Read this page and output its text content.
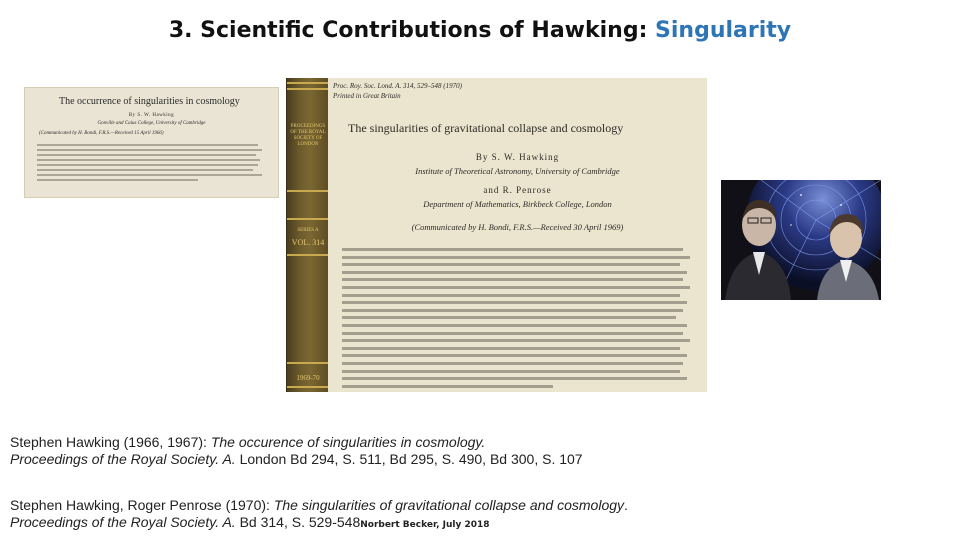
3. Scientific Contributions of Hawking: Singularity
The occurrence of singularities in cosmology
By S. W. Hawking
Gonville and Caius College, University of Cambridge
(Communicated by H. Bondi, F.R.S.—Received 15 April 1966)
PROCEEDINGS OF THE ROYAL SOCIETY OF LONDON
SERIES A
VOL. 314
1969-70
Proc. Roy. Soc. Lond. A. 314, 529–548 (1970)
Printed in Great Britain
The singularities of gravitational collapse and cosmology
By S. W. Hawking
Institute of Theoretical Astronomy, University of Cambridge
and R. Penrose
Department of Mathematics, Birkbeck College, London
(Communicated by H. Bondi, F.R.S.—Received 30 April 1969)
Stephen Hawking (1966, 1967): The occurence of singularities in cosmology.
Proceedings of the Royal Society. A. London Bd 294, S. 511, Bd 295, S. 490, Bd 300, S. 107
Stephen Hawking, Roger Penrose (1970): The singularities of gravitational collapse and cosmology.
Proceedings of the Royal Society. A. Bd 314, S. 529-548Norbert Becker, July 2018
